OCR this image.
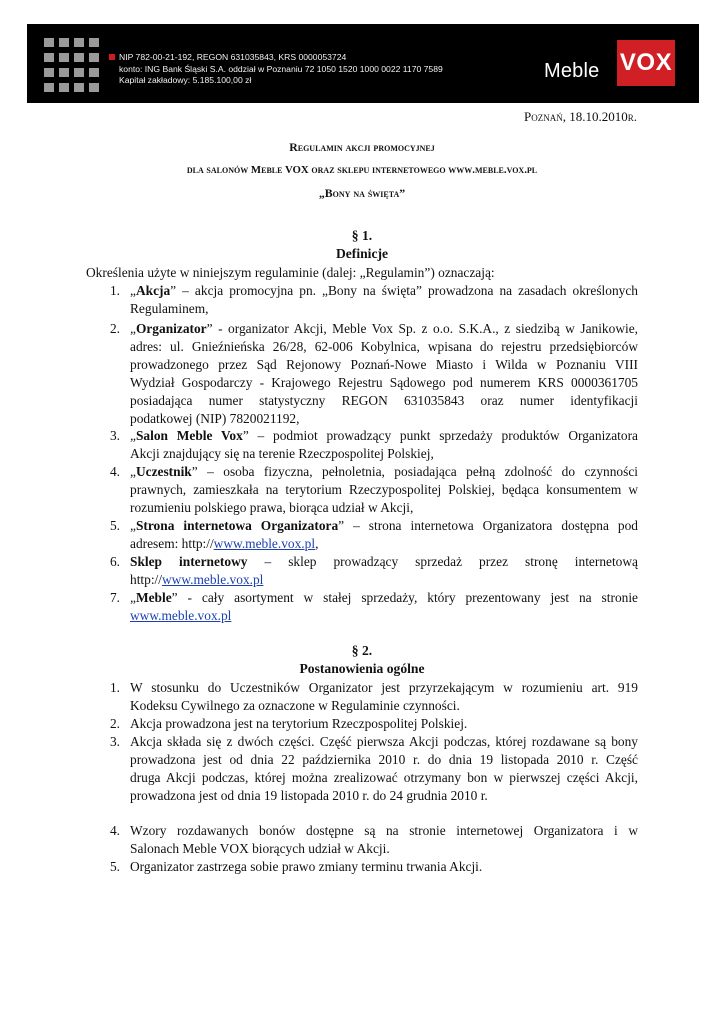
NIP 782-00-21-192, REGON 631035843, KRS 0000053724
konto: ING Bank Śląski S.A. oddział w Poznaniu 72 1050 1520 1000 0022 1170 7589
Kapitał zakładowy: 5.185.100,00 zł	Meble VOX
Poznań, 18.10.2010r.
Regulamin akcji promocyjnej
dla salonów Meble VOX oraz sklepu internetowego www.meble.vox.pl
„Bony na święta”
§ 1.
Definicje
Określenia użyte w niniejszym regulaminie (dalej: „Regulamin”) oznaczają:
1. „Akcja” – akcja promocyjna pn. „Bony na święta” prowadzona na zasadach określonych
Regulaminem,
2. „Organizator” - organizator Akcji, Meble Vox Sp. z o.o. S.K.A., z siedzibą w Janikowie,
adres: ul. Gnieźnieńska 26/28, 62-006 Kobylnica, wpisana do rejestru przedsiębiorców
prowadzonego przez Sąd Rejonowy Poznań-Nowe Miasto i Wilda w Poznaniu VIII
Wydział Gospodarczy - Krajowego Rejestru Sądowego pod numerem KRS 0000361705
posiadająca numer statystyczny REGON 631035843 oraz numer identyfikacji
podatkowej (NIP) 7820021192,
3. „Salon Meble Vox” – podmiot prowadzący punkt sprzedaży produktów Organizatora
Akcji znajdujący się na terenie Rzeczpospolitej Polskiej,
4. „Uczestnik” – osoba fizyczna, pełnoletnia, posiadająca pełną zdolność do czynności
prawnych, zamieszkała na terytorium Rzeczypospolitej Polskiej, będąca konsumentem w
rozumieniu polskiego prawa, biorąca udział w Akcji,
5. „Strona internetowa Organizatora” – strona internetowa Organizatora dostępna pod
adresem: http://www.meble.vox.pl,
6. Sklep internetowy – sklep prowadzący sprzedaż przez stronę internetową
http://www.meble.vox.pl
7. „Meble” - cały asortyment w stałej sprzedaży, który prezentowany jest na stronie
www.meble.vox.pl
§ 2.
Postanowienia ogólne
1. W stosunku do Uczestników Organizator jest przyrzekającym w rozumieniu art. 919
Kodeksu Cywilnego za oznaczone w Regulaminie czynności.
2. Akcja prowadzona jest na terytorium Rzeczpospolitej Polskiej.
3. Akcja składa się z dwóch części. Część pierwsza Akcji podczas, której rozdawane są bony
prowadzona jest od dnia 22 października 2010 r. do dnia 19 listopada 2010 r. Część
druga Akcji podczas, której można zrealizować otrzymany bon w pierwszej części Akcji,
prowadzona jest od dnia 19 listopada 2010 r. do 24 grudnia 2010 r.
4. Wzory rozdawanych bonów dostępne są na stronie internetowej Organizatora i w
Salonach Meble VOX biorących udział w Akcji.
5. Organizator zastrzega sobie prawo zmiany terminu trwania Akcji.
